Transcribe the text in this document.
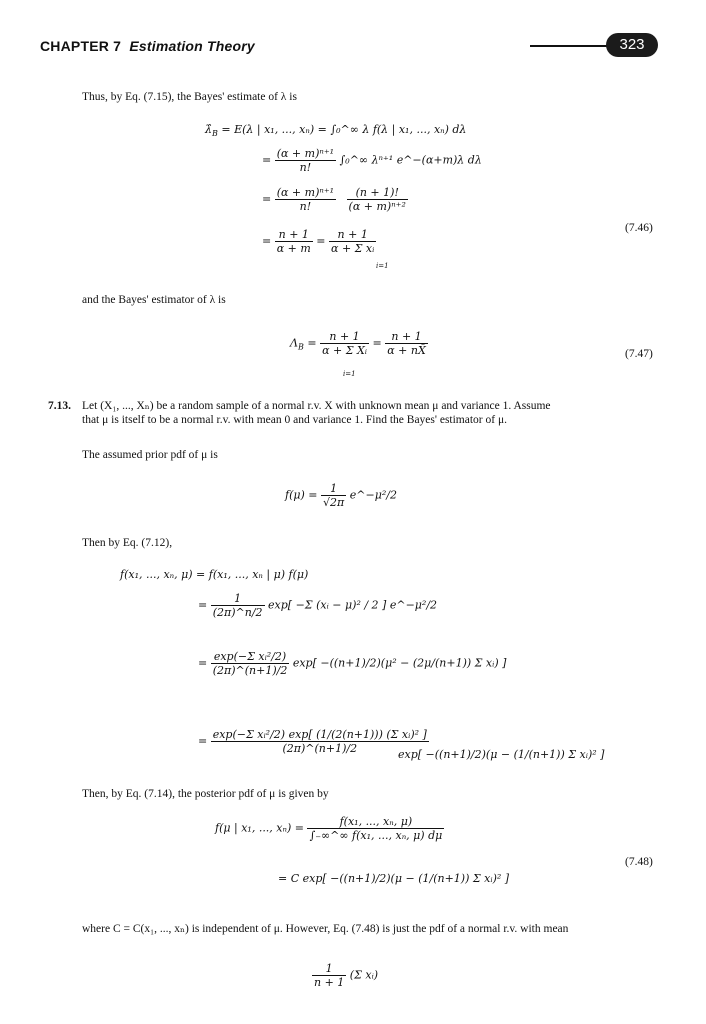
CHAPTER 7 Estimation Theory	323
Thus, by Eq. (7.15), the Bayes' estimate of λ is
$\lambdâ_B = E(\lambda$ | x₁, ..., xₙ) = ∫₀^∞ λ f(λ | x₁, ..., xₙ) dλ
= $\frac{\text{(α + m)ⁿ⁺¹}}{n!}$ ∫₀^∞ λⁿ⁺¹ e^−(α+m)λ dλ
= $\frac{\text{(α + m)ⁿ⁺¹}}{n!}$
$\frac{(n + 1)!}{\text{(α + m)ⁿ⁺²}}$
(7.46)
= $\frac{n + 1}{\alpha + m} = \frac{n + 1}{\text{α + Σ xᵢ}}$
i=1
and the Bayes' estimator of λ is
$\Lambda_B = \frac{n + 1}{\text{α + Σ Xᵢ}} = \frac{n + 1}{\alpha + nX̄}$
i=1
(7.47)
7.13. Let (X₁, ..., Xₙ) be a random sample of a normal r.v. X with unknown mean μ and variance 1. Assume
that μ is itself to be a normal r.v. with mean 0 and variance 1. Find the Bayes' estimator of μ.
The assumed prior pdf of μ is
$f(\mu) = \frac{1}{√2\pi}$ e^−μ²/2
Then by Eq. (7.12),
f(x₁, ..., xₙ, μ) = f(x₁, ..., xₙ | μ) f(μ)
= $\frac{1}{(2\pi)\^{}n/2} \exp[ -\Sigma$ (xᵢ − μ)² / 2 ] e^−μ²/2
= $\frac{\text{exp(−Σ xᵢ²/2)}}{(2\pi)\^{}(n+1)/2} \exp[ -((n+1)/2)(\mu^2 - (2\mu/(n+1))$ Σ xᵢ) ]
= $\frac{\text{exp(−Σ xᵢ²/2) exp[ (1/(2(n+1))) (Σ xᵢ)² ]}}{(2\pi)\^{}(n+1)/2}$
exp[ −((n+1)/2)(μ − (1/(n+1)) Σ xᵢ)² ]
Then, by Eq. (7.14), the posterior pdf of μ is given by
f(μ | x₁, ..., $x_n) = \frac{\text{f(x₁, ..., xₙ, μ)}}{\text{∫₋∞\textasciicircum{}∞ f(x₁, ..., xₙ, μ) dμ}}$
(7.48)
= C exp[ −((n+1)/2)(μ − (1/(n+1)) Σ xᵢ)² ]
where C = C(x₁, ..., xₙ) is independent of μ. However, Eq. (7.48) is just the pdf of a normal r.v. with mean
$\frac{1}{n + 1} (\Sigma$ xᵢ)
